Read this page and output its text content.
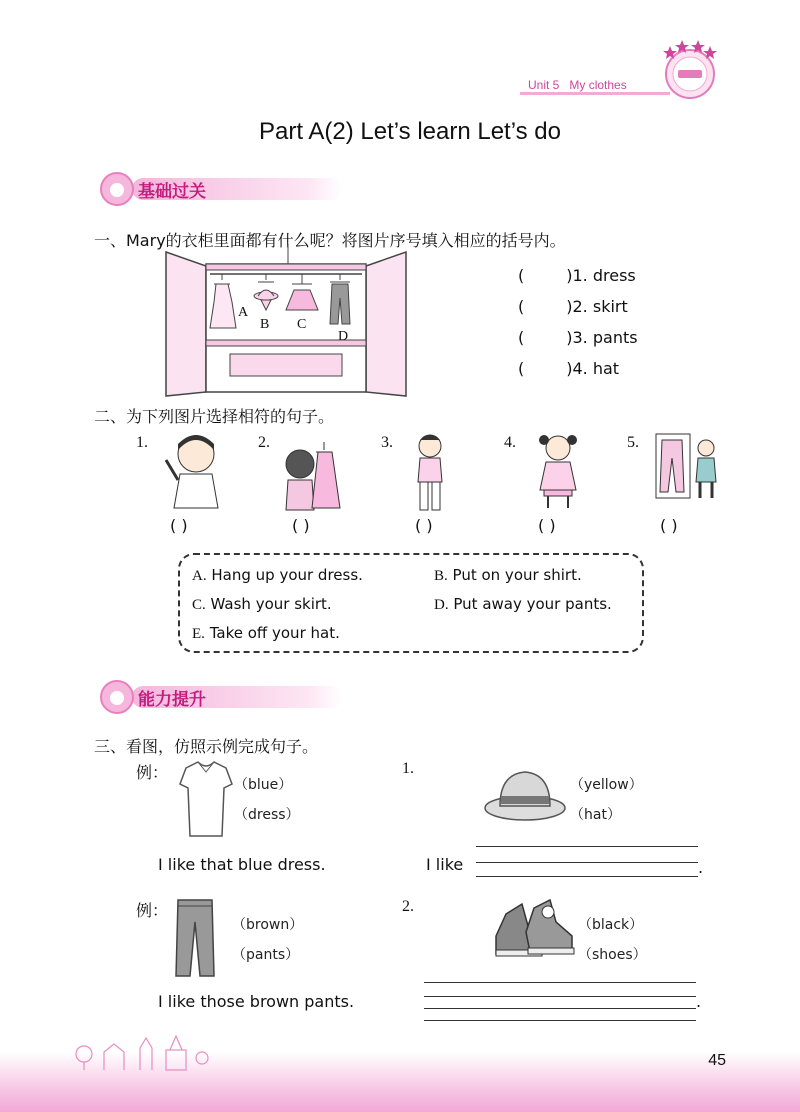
Unit 5 My clothes
Part A(2) Let’s learn Let’s do
基础过关
一、Mary的衣柜里面都有什么呢？将图片序号填入相应的括号内。
A
B C
D
(	)1. dress
(	)2. skirt
(	)3. pants
(	)4. hat
二、为下列图片选择相符的句子。
1.	2.	3.	4.	5.
( )	( )	( )	( )	( )
A. Hang up your dress.	B. Put on your shirt.
C. Wash your skirt.	D. Put away your pants.
E. Take off your hat.
能力提升
三、看图，仿照示例完成句子。
例：
（blue）
（dress）
I like that blue dress.
1.
（yellow）
（hat）
I like	.
例：
（brown）
（pants）
I like those brown pants.
2.
（black）
（shoes）
.
45
